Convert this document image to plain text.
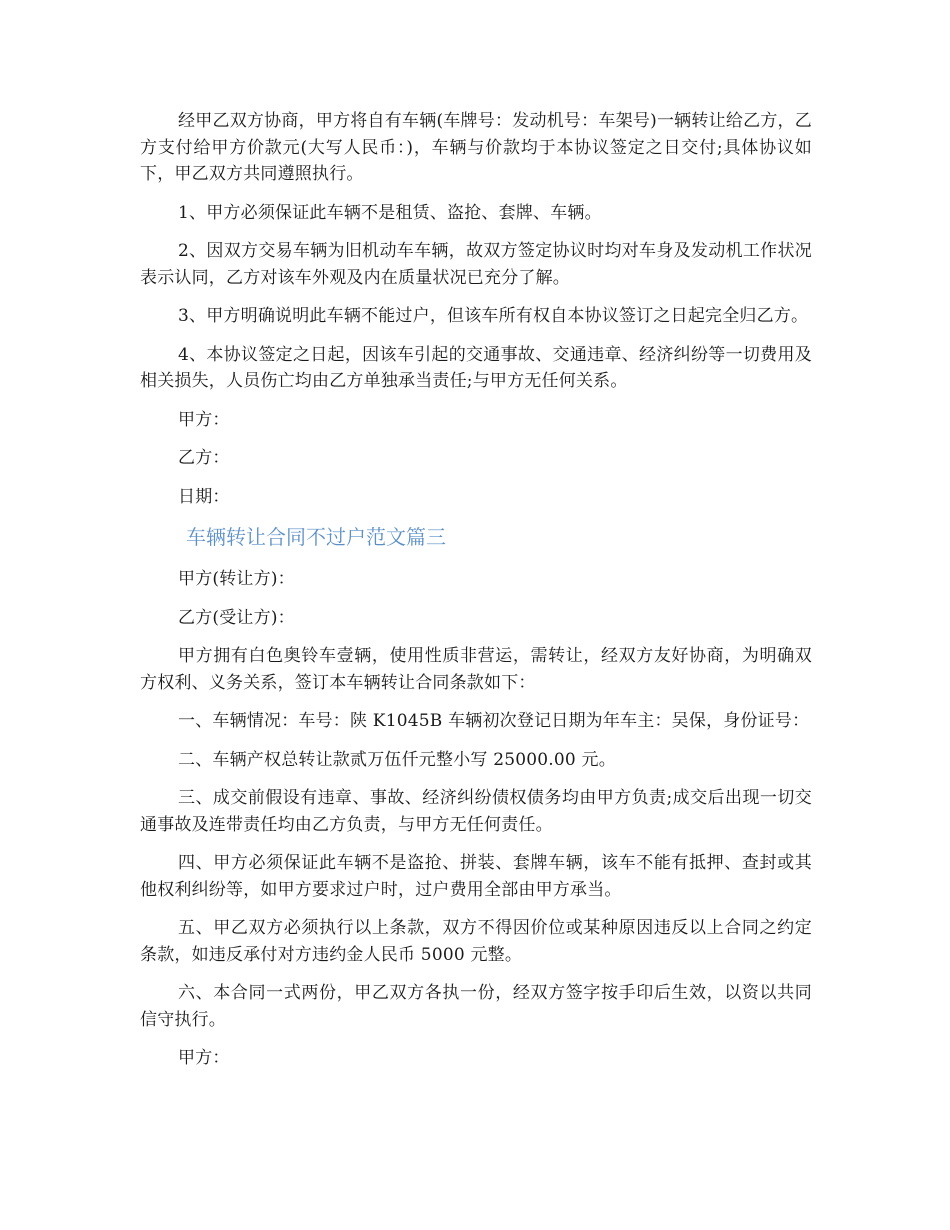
经甲乙双方协商，甲方将自有车辆(车牌号：发动机号：车架号)一辆转让给乙方，乙方支付给甲方价款元(大写人民币：)，车辆与价款均于本协议签定之日交付;具体协议如下，甲乙双方共同遵照执行。

1、甲方必须保证此车辆不是租赁、盗抢、套牌、车辆。

2、因双方交易车辆为旧机动车车辆，故双方签定协议时均对车身及发动机工作状况表示认同，乙方对该车外观及内在质量状况已充分了解。

3、甲方明确说明此车辆不能过户，但该车所有权自本协议签订之日起完全归乙方。

4、本协议签定之日起，因该车引起的交通事故、交通违章、经济纠纷等一切费用及相关损失，人员伤亡均由乙方单独承当责任;与甲方无任何关系。

甲方：

乙方：

日期：

车辆转让合同不过户范文篇三

甲方(转让方)：

乙方(受让方)：

甲方拥有白色奥铃车壹辆，使用性质非营运，需转让，经双方友好协商，为明确双方权利、义务关系，签订本车辆转让合同条款如下：

一、车辆情况：车号：陕 K1045B 车辆初次登记日期为年车主：吴保，身份证号：

二、车辆产权总转让款贰万伍仟元整小写 25000.00 元。

三、成交前假设有违章、事故、经济纠纷债权债务均由甲方负责;成交后出现一切交通事故及连带责任均由乙方负责，与甲方无任何责任。

四、甲方必须保证此车辆不是盗抢、拼装、套牌车辆，该车不能有抵押、查封或其他权利纠纷等，如甲方要求过户时，过户费用全部由甲方承当。

五、甲乙双方必须执行以上条款，双方不得因价位或某种原因违反以上合同之约定条款，如违反承付对方违约金人民币 5000 元整。

六、本合同一式两份，甲乙双方各执一份，经双方签字按手印后生效，以资以共同信守执行。

甲方：
